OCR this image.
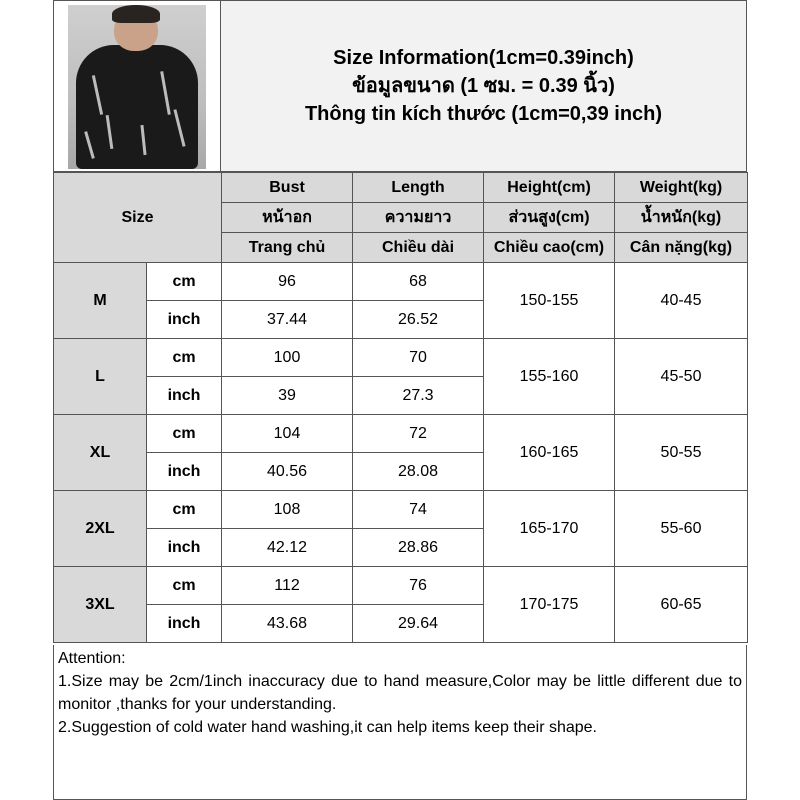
Size Information(1cm=0.39inch)
ข้อมูลขนาด (1 ซม. = 0.39 นิ้ว)
Thông tin kích thước (1cm=0,39 inch)
Size		Bust	Length	Height(cm)	Weight(kg)
		หน้าอก	ความยาว	ส่วนสูง(cm)	น้ำหนัก(kg)
		Trang chủ	Chiều dài	Chiều cao(cm)	Cân nặng(kg)
M	cm	96	68	150-155	40-45
	inch	37.44	26.52		
L	cm	100	70	155-160	45-50
	inch	39	27.3		
XL	cm	104	72	160-165	50-55
	inch	40.56	28.08		
2XL	cm	108	74	165-170	55-60
	inch	42.12	28.86		
3XL	cm	112	76	170-175	60-65
	inch	43.68	29.64		
Attention:
1.Size may be 2cm/1inch inaccuracy due to hand measure,Color may be little different due to monitor ,thanks for your understanding.
2.Suggestion of cold water hand washing,it can help items keep their shape.
